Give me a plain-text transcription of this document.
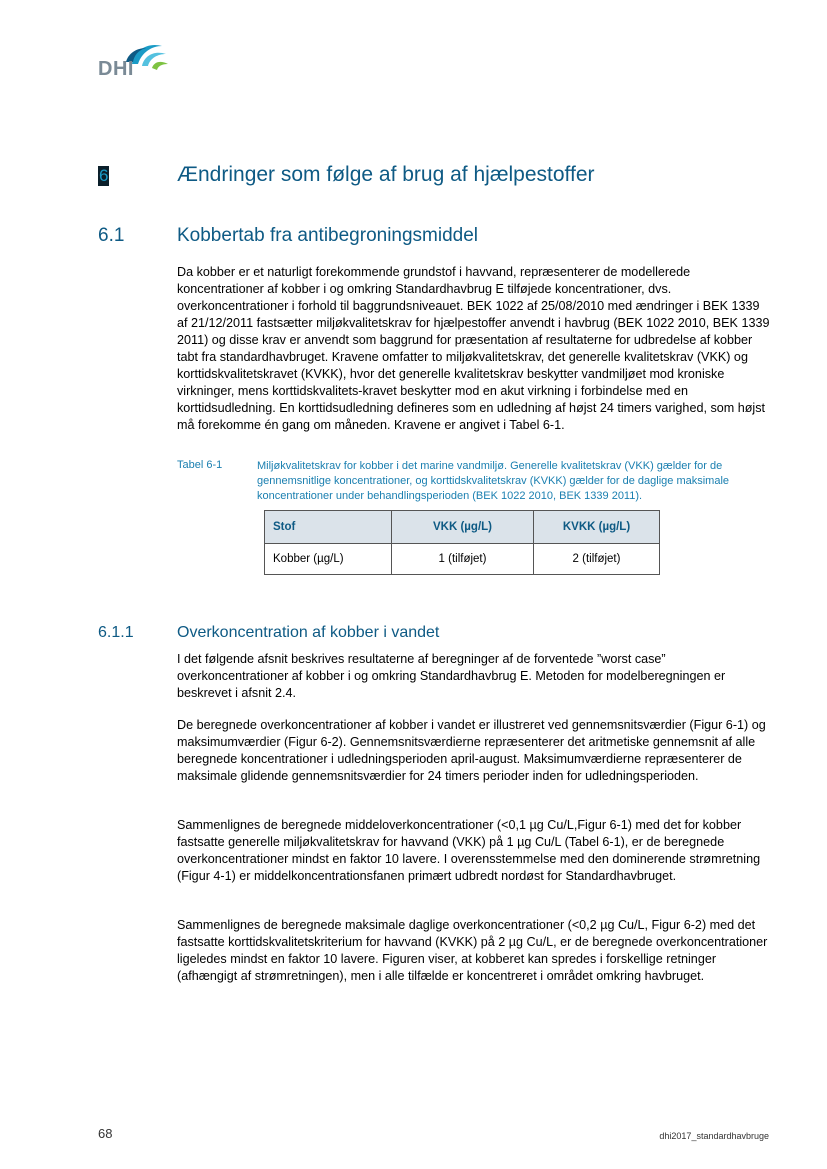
DHI
6	Ændringer som følge af brug af hjælpestoffer
6.1	Kobbertab fra antibegroningsmiddel

Da kobber er et naturligt forekommende grundstof i havvand, repræsenterer de modellerede koncentrationer af kobber i og omkring Standardhavbrug E tilføjede koncentrationer, dvs. overkoncentrationer i forhold til baggrundsniveauet. BEK 1022 af 25/08/2010 med ændringer i BEK 1339 af 21/12/2011 fastsætter miljøkvalitetskrav for hjælpestoffer anvendt i havbrug (BEK 1022 2010, BEK 1339 2011) og disse krav er anvendt som baggrund for præsentation af resultaterne for udbredelse af kobber tabt fra standardhavbruget. Kravene omfatter to miljøkvalitetskrav, det generelle kvalitetskrav (VKK) og korttidskvalitetskravet (KVKK), hvor det generelle kvalitetskrav beskytter vandmiljøet mod kroniske virkninger, mens korttidskvalitets-kravet beskytter mod en akut virkning i forbindelse med en korttidsudledning. En korttidsudledning defineres som en udledning af højst 24 timers varighed, som højst må forekomme én gang om måneden. Kravene er angivet i Tabel 6-1.

Tabel 6-1	Miljøkvalitetskrav for kobber i det marine vandmiljø. Generelle kvalitetskrav (VKK) gælder for de gennemsnitlige koncentrationer, og korttidskvalitetskrav (KVKK) gælder for de daglige maksimale koncentrationer under behandlingsperioden (BEK 1022 2010, BEK 1339 2011).

Stof	VKK (µg/L)	KVKK (µg/L)
Kobber (µg/L)	1 (tilføjet)	2 (tilføjet)
6.1.1	Overkoncentration af kobber i vandet

I det følgende afsnit beskrives resultaterne af beregninger af de forventede ”worst case” overkoncentrationer af kobber i og omkring Standardhavbrug E. Metoden for modelberegningen er beskrevet i afsnit 2.4.

De beregnede overkoncentrationer af kobber i vandet er illustreret ved gennemsnitsværdier (Figur 6-1) og maksimumværdier (Figur 6-2). Gennemsnitsværdierne repræsenterer det aritmetiske gennemsnit af alle beregnede koncentrationer i udledningsperioden april-august. Maksimumværdierne repræsenterer de maksimale glidende gennemsnitsværdier for 24 timers perioder inden for udledningsperioden.

Sammenlignes de beregnede middeloverkoncentrationer (<0,1 µg Cu/L,Figur 6-1) med det for kobber fastsatte generelle miljøkvalitetskrav for havvand (VKK) på 1 µg Cu/L (Tabel 6-1), er de beregnede overkoncentrationer mindst en faktor 10 lavere. I overensstemmelse med den dominerende strømretning (Figur 4-1) er middelkoncentrationsfanen primært udbredt nordøst for Standardhavbruget.

Sammenlignes de beregnede maksimale daglige overkoncentrationer (<0,2 µg Cu/L, Figur 6-2) med det fastsatte korttidskvalitetskriterium for havvand (KVKK) på 2 µg Cu/L, er de beregnede overkoncentrationer ligeledes mindst en faktor 10 lavere. Figuren viser, at kobberet kan spredes i forskellige retninger (afhængigt af strømretningen), men i alle tilfælde er koncentreret i området omkring havbruget.

68	dhi2017_standardhavbruge
